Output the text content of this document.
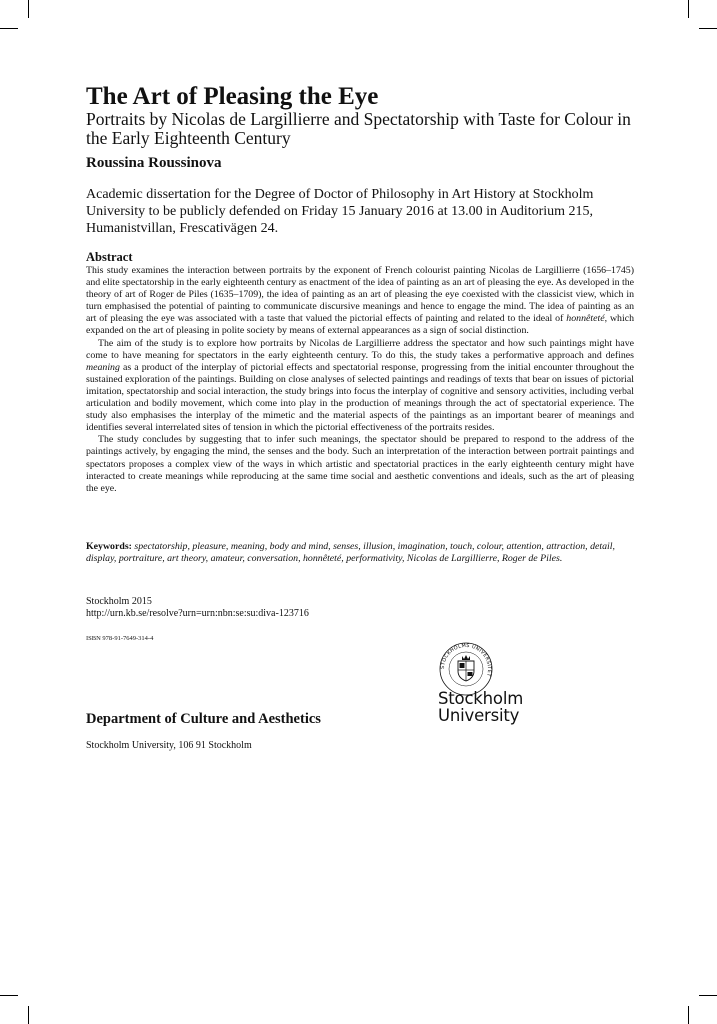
The Art of Pleasing the Eye
Portraits by Nicolas de Largillierre and Spectatorship with Taste for Colour in the Early Eighteenth Century

Roussina Roussinova

Academic dissertation for the Degree of Doctor of Philosophy in Art History at Stockholm University to be publicly defended on Friday 15 January 2016 at 13.00 in Auditorium 215, Humanistvillan, Frescativägen 24.

Abstract

This study examines the interaction between portraits by the exponent of French colourist painting Nicolas de Largillierre (1656–1745) and elite spectatorship in the early eighteenth century as enactment of the idea of painting as an art of pleasing the eye. As developed in the theory of art of Roger de Piles (1635–1709), the idea of painting as an art of pleasing the eye coexisted with the classicist view, which in turn emphasised the potential of painting to communicate discursive meanings and hence to engage the mind. The idea of painting as an art of pleasing the eye was associated with a taste that valued the pictorial effects of painting and related to the ideal of honnêteté, which expanded on the art of pleasing in polite society by means of external appearances as a sign of social distinction.

The aim of the study is to explore how portraits by Nicolas de Largillierre address the spectator and how such paintings might have come to have meaning for spectators in the early eighteenth century. To do this, the study takes a performative approach and defines meaning as a product of the interplay of pictorial effects and spectatorial response, progressing from the initial encounter throughout the sustained exploration of the paintings. Building on close analyses of selected paintings and readings of texts that bear on issues of pictorial imitation, spectatorship and social interaction, the study brings into focus the interplay of cognitive and sensory activities, including verbal articulation and bodily movement, which come into play in the production of meanings through the act of spectatorial experience. The study also emphasises the interplay of the mimetic and the material aspects of the paintings as an important bearer of meanings and identifies several interrelated sites of tension in which the pictorial effectiveness of the portraits resides.

The study concludes by suggesting that to infer such meanings, the spectator should be prepared to respond to the address of the paintings actively, by engaging the mind, the senses and the body. Such an interpretation of the interaction between portrait paintings and spectators proposes a complex view of the ways in which artistic and spectatorial practices in the early eighteenth century might have interacted to create meanings while reproducing at the same time social and aesthetic conventions and ideals, such as the art of pleasing the eye.

Keywords: spectatorship, pleasure, meaning, body and mind, senses, illusion, imagination, touch, colour, attention, attraction, detail, display, portraiture, art theory, amateur, conversation, honnêteté, performativity, Nicolas de Largillierre, Roger de Piles.

Stockholm 2015

http://urn.kb.se/resolve?urn=urn:nbn:se:su:diva-123716

ISBN 978-91-7649-314-4

Department of Culture and Aesthetics

Stockholm University, 106 91 Stockholm

STOCKHOLMS UNIVERSITET

Stockholm

University
